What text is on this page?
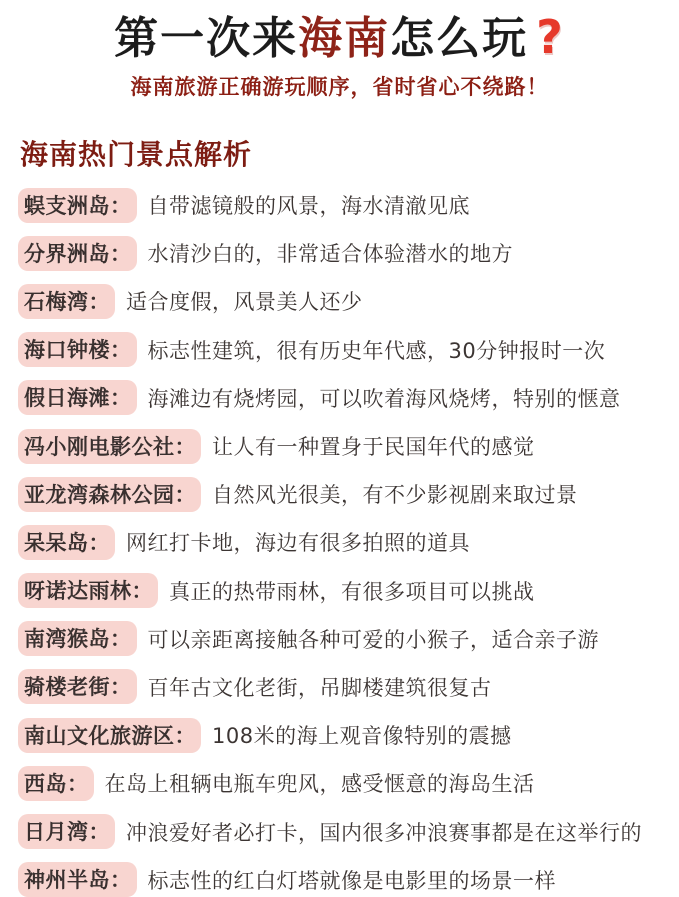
第一次来海南怎么玩 ?

海南旅游正确游玩顺序，省时省心不绕路！

海南热门景点解析
蜈支洲岛： 自带滤镜般的风景，海水清澈见底
分界洲岛： 水清沙白的，非常适合体验潜水的地方
石梅湾： 适合度假，风景美人还少
海口钟楼： 标志性建筑，很有历史年代感，30分钟报时一次
假日海滩： 海滩边有烧烤园，可以吹着海风烧烤，特别的惬意
冯小刚电影公社： 让人有一种置身于民国年代的感觉
亚龙湾森林公园： 自然风光很美，有不少影视剧来取过景
呆呆岛： 网红打卡地，海边有很多拍照的道具
呀诺达雨林： 真正的热带雨林，有很多项目可以挑战
南湾猴岛： 可以亲距离接触各种可爱的小猴子，适合亲子游
骑楼老街： 百年古文化老街，吊脚楼建筑很复古
南山文化旅游区： 108米的海上观音像特别的震撼
西岛： 在岛上租辆电瓶车兜风，感受惬意的海岛生活
日月湾： 冲浪爱好者必打卡，国内很多冲浪赛事都是在这举行的
神州半岛： 标志性的红白灯塔就像是电影里的场景一样
